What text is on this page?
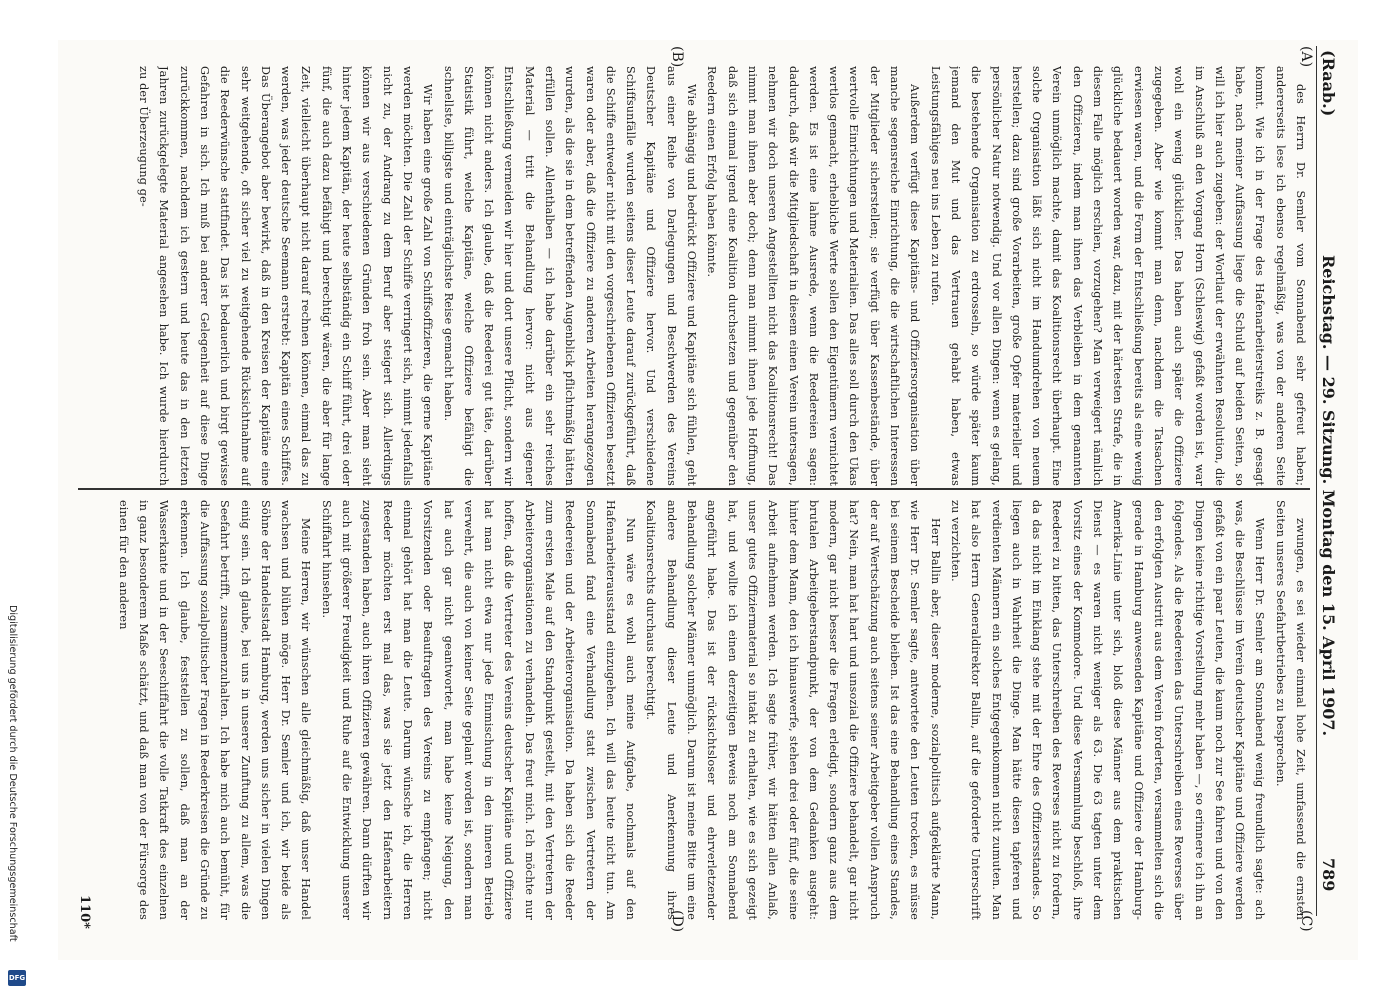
Digitalisierung gefördert durch die Deutsche Forschungsgemeinschaft
DFG
789
Reichstag. — 29. Sitzung. Montag den 15. April 1907.
(Raab.)
(A)
(B)
(C)
(D)

des Herrn Dr. Semler vom Sonnabend sehr gefreut haben; andererseits lese ich ebenso regelmäßig, was von der anderen Seite kommt. Wie ich in der Frage des Hafenarbeiterstreiks z. B. gesagt habe, nach meiner Auffassung liege die Schuld auf beiden Seiten, so will ich hier auch zugeben: der Wortlaut der erwähnten Resolution, die im Anschluß an den Vorgang Horn (Schleswig) gefaßt worden ist, war wohl ein wenig glücklicher. Das haben auch später die Offiziere zugegeben. Aber wie kommt man denn, nachdem die Tatsachen erwiesen waren, und die Form der Entschließung bereits als eine wenig glückliche bedauert worden war, dazu, mit der härtesten Strafe, die in diesem Falle möglich erschien, vorzugehen? Man verweigert nämlich den Offizieren, indem man ihnen das Verbleiben in dem genannten Verein unmöglich machte, damit das Koalitionsrecht überhaupt. Eine solche Organisation läßt sich nicht im Handumdrehen von neuem herstellen; dazu sind große Vorarbeiten, große Opfer materieller und persönlicher Natur notwendig. Und vor allen Dingen: wenn es gelang, die bestehende Organisation zu erdrosseln, so würde später kaum jemand den Mut und das Vertrauen gehabt haben, etwas Leistungsfähiges neu ins Leben zu rufen.

Außerdem verfügt diese Kapitäns- und Offiziersorganisation über manche segensreiche Einrichtung, die die wirtschaftlichen Interessen der Mitglieder sicherstellen; sie verfügt über Kassenbestände, über wertvolle Einrichtungen und Materialien. Das alles soll durch den Ukas wertlos gemacht, erhebliche Werte sollen den Eigentümern vernichtet werden. Es ist eine lahme Ausrede, wenn die Reedereien sagen: dadurch, daß wir die Mitgliedschaft in diesem einen Verein untersagen, nehmen wir doch unseren Angestellten nicht das Koalitionsrecht! Das nimmt man ihnen aber doch; denn man nimmt ihnen jede Hoffnung, daß sich einmal irgend eine Koalition durchsetzen und gegenüber den Reedern einen Erfolg haben könnte.

Wie abhängig und bedrückt Offiziere und Kapitäne sich fühlen, geht aus einer Reihe von Darlegungen und Beschwerden des Vereins Deutscher Kapitäne und Offiziere hervor. Und verschiedene Schiffsunfälle wurden seitens dieser Leute darauf zurückgeführt, daß die Schiffe entweder nicht mit den vorgeschriebenen Offizieren besetzt waren oder aber, daß die Offiziere zu anderen Arbeiten herangezogen wurden, als die sie in dem betreffenden Augenblick pflichtmäßig hätten erfüllen sollen. Allenthalben — ich habe darüber ein sehr reiches Material — tritt die Behandlung hervor: nicht aus eigener Entschließung vermeiden wir hier und dort unsere Pflicht, sondern wir können nicht anders. Ich glaube, daß die Reederei gut täte, darüber Statistik führt, welche Kapitäne, welche Offiziere befähigt die schnellste, billigste und einträglichste Reise gemacht haben.

Wir haben eine große Zahl von Schiffsoffizieren, die gerne Kapitäne werden möchten. Die Zahl der Schiffe verringert sich, nimmt jedenfalls nicht zu, der Andrang zu dem Beruf aber steigert sich. Allerdings können wir aus verschiedenen Gründen froh sein. Aber man sieht hinter jedem Kapitän, der heute selbständig ein Schiff führt, drei oder fünf, die auch dazu befähigt und berechtigt wären, die aber für lange Zeit, vielleicht überhaupt nicht darauf rechnen können, einmal das zu werden, was jeder deutsche Seemann erstrebt: Kapitän eines Schiffes. Das Überangebot aber bewirkt, daß in den Kreisen der Kapitäne eine sehr weitgehende, oft sicher viel zu weitgehende Rücksichtnahme auf die Reederwünsche stattfindet. Das ist bedauerlich und birgt gewisse Gefahren in sich. Ich muß bei anderer Gelegenheit auf diese Dinge zurückkommen, nachdem ich gestern und heute das in den letzten Jahren zurückgelegte Material angesehen habe. Ich wurde hierdurch zu der Überzeugung ge-

zwungen, es sei wieder einmal hohe Zeit, umfassend die ernsten Seiten unseres Seefahrtbetriebes zu besprechen.

Wenn Herr Dr. Semler am Sonnabend wenig freundlich sagte: ach was, die Beschlüsse im Verein deutscher Kapitäne und Offiziere werden gefaßt von ein paar Leuten, die kaum noch zur See fahren und von den Dingen keine richtige Vorstellung mehr haben —, so erinnere ich ihn an folgendes. Als die Reedereien das Unterschreiben eines Reverses über den erfolgten Austritt aus dem Verein forderten, versammelten sich die gerade in Hamburg anwesenden Kapitäne und Offiziere der Hamburg-Amerika-Linie unter sich, bloß diese Männer aus dem praktischen Dienst — es waren nicht weniger als 63. Die 63 tagten unter dem Vorsitz eines der Kommodore. Und diese Versammlung beschloß, ihre Reederei zu bitten, das Unterschreiben des Reverses nicht zu fordern, da das nicht im Einklang stehe mit der Ehre des Offiziersstandes. So liegen auch in Wahrheit die Dinge. Man hätte diesen tapferen und verdienten Männern ein solches Entgegenkommen nicht zumuten. Man hat also Herrn Generaldirektor Ballin, auf die geforderte Unterschrift zu verzichten.

Herr Ballin aber, dieser moderne, sozialpolitisch aufgeklärte Mann, wie Herr Dr. Semler sagte, antwortete den Leuten trocken, es müsse bei seinem Bescheide bleiben. Ist das eine Behandlung eines Standes, der auf Wertschätzung auch seitens seiner Arbeitgeber vollen Anspruch hat? Nein, man hat hart und unsozial die Offiziere behandelt, gar nicht modern, gar nicht besser die Fragen erledigt, sondern ganz aus dem brutalen Arbeitgeberstandpunkt, der von dem Gedanken ausgeht: hinter dem Mann, den ich hinauswerfe, stehen drei oder fünf, die seine Arbeit aufnehmen werden. Ich sagte früher, wir hätten allen Anlaß, unser gutes Offiziermaterial so intakt zu erhalten, wie es sich gezeigt hat, und wollte ich einen derzeitigen Beweis noch am Sonnabend angeführt habe. Das ist der rücksichtsloser und ehrverletzender Behandlung solcher Männer unmöglich. Darum ist meine Bitte um eine andere Behandlung dieser Leute und Anerkennung ihres Koalitionsrechts durchaus berechtigt.

Nun wäre es wohl auch meine Aufgabe, nochmals auf den Hafenarbeiterausstand einzugehen. Ich will das heute nicht tun. Am Sonnabend fand eine Verhandlung statt zwischen Vertretern der Reedereien und der Arbeiterorganisation. Da haben sich die Reeder zum ersten Male auf den Standpunkt gestellt, mit den Vertretern der Arbeiterorganisationen zu verhandeln. Das freut mich. Ich möchte nur hoffen, daß die Vertreter des Vereins deutscher Kapitäne und Offiziere hat man nicht etwa nur jede Einmischung in den inneren Betrieb verwehrt, die auch von keiner Seite geplant worden ist, sondern man hat auch gar nicht geantwortet, man habe keine Neigung, den Vorsitzenden oder Beauftragten des Vereins zu empfangen; nicht einmal gehört hat man die Leute. Darum wünsche ich, die Herren Reeder möchten erst mal das, was sie jetzt den Hafenarbeitern zugestanden haben, auch ihren Offizieren gewähren. Dann dürften wir auch mit größerer Freudigkeit und Ruhe auf die Entwicklung unserer Schiffahrt hinsehen.

Meine Herren, wir wünschen alle gleichmäßig, daß unser Handel wachsen und blühen möge. Herr Dr. Semler und ich, wir beide als Söhne der Handelsstadt Hamburg, werden uns sicher in vielen Dingen einig sein. Ich glaube, bei uns in unserer Zunftung zu allem, was die Seefahrt betrifft, zusammenzuhalten. Ich habe mich auch bemüht, für die Auffassung sozialpolitischer Fragen in Reederkreisen die Gründe zu erkennen. Ich glaube, feststellen zu sollen, daß man an der Wasserkante und in der Seeschiffahrt die volle Tatkraft des einzelnen in ganz besonderem Maße schätzt, und daß man von der Fürsorge des einen für den anderen

110*
